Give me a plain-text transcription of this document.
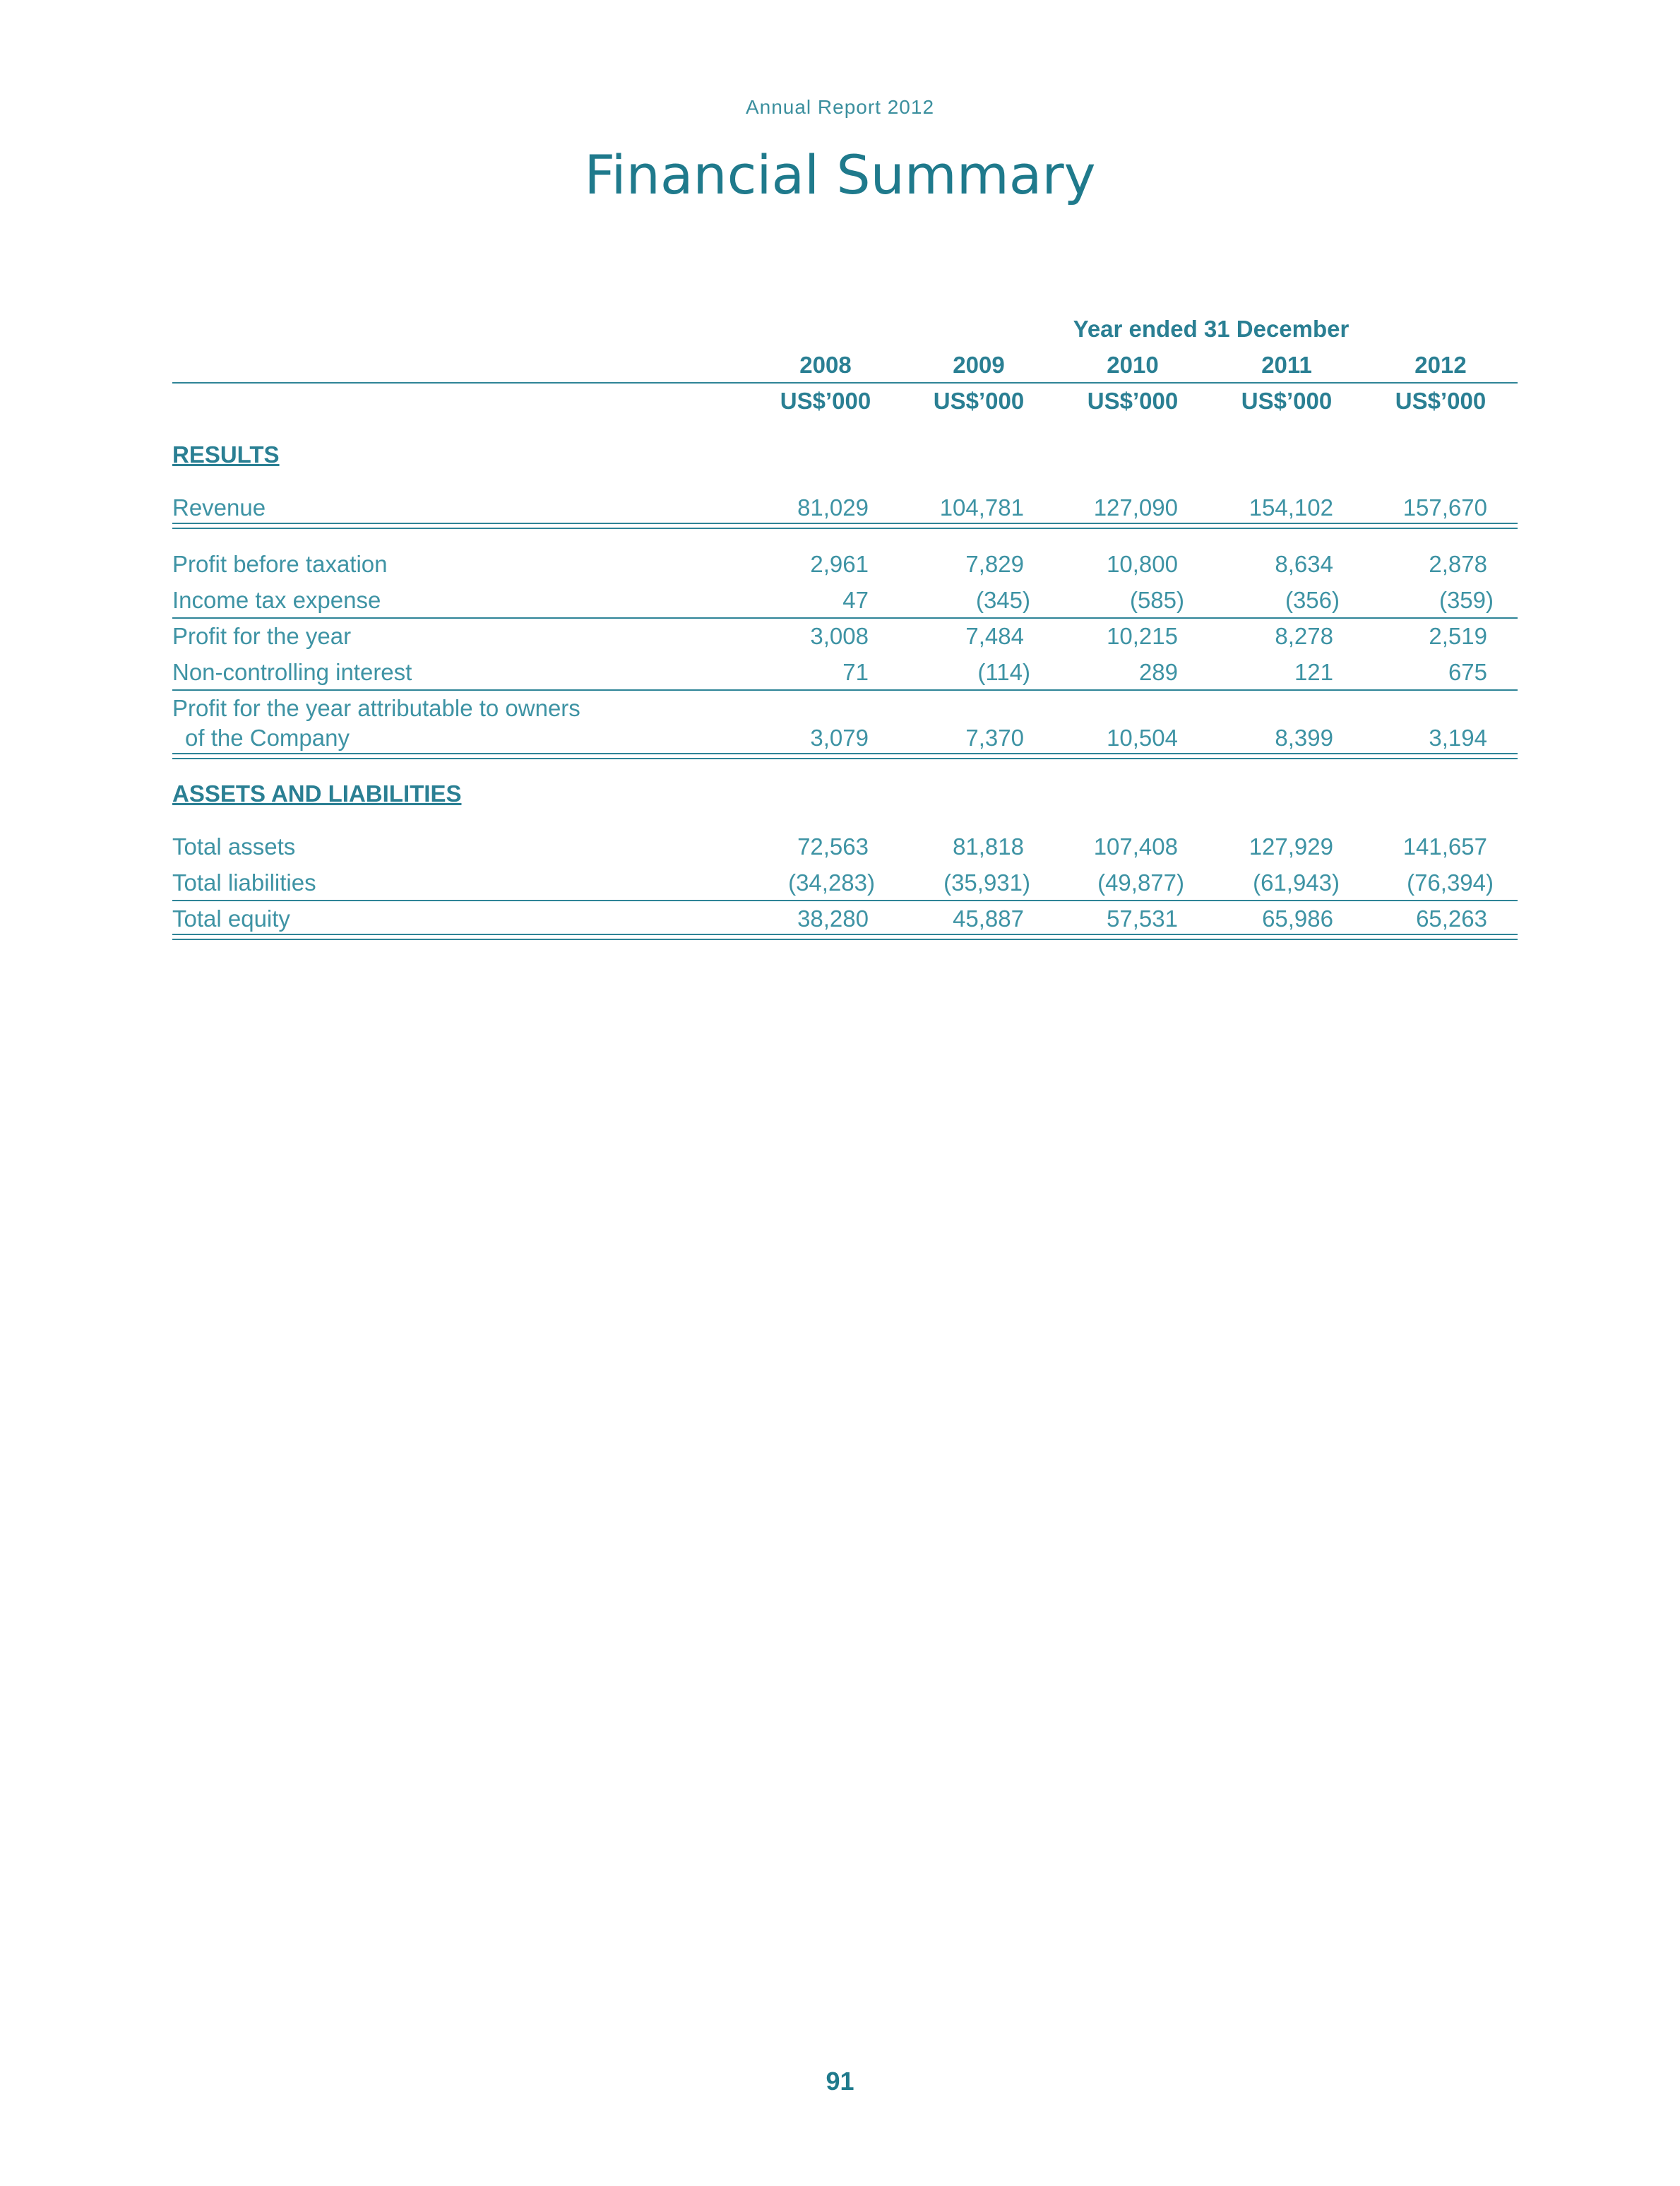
Annual Report 2012
Financial Summary
Year ended 31 December
2008	2009	2010	2011	2012
US$’000	US$’000	US$’000	US$’000	US$’000
RESULTS
Revenue	81,029	104,781	127,090	154,102	157,670
Profit before taxation	2,961	7,829	10,800	8,634	2,878
Income tax expense	47	(345)	(585)	(356)	(359)
Profit for the year	3,008	7,484	10,215	8,278	2,519
Non-controlling interest	71	(114)	289	121	675
Profit for the year attributable to owners
of the Company	3,079	7,370	10,504	8,399	3,194
ASSETS AND LIABILITIES
Total assets	72,563	81,818	107,408	127,929	141,657
Total liabilities	(34,283)	(35,931)	(49,877)	(61,943)	(76,394)
Total equity	38,280	45,887	57,531	65,986	65,263
91
